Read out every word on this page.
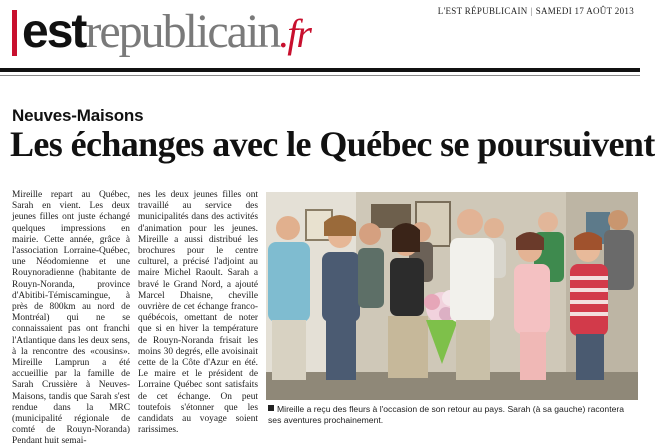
estrepublicain.fr	L'EST RÉPUBLICAIN | SAMEDI 17 AOÛT 2013
Neuves-Maisons
Les échanges avec le Québec se poursuivent
Mireille repart au Québec, Sarah en vient. Les deux jeunes filles ont juste échangé quelques impressions en mairie. Cette année, grâce à l'association Lorraine-Québec, une Néodomienne et une Rouynoradienne (habitante de Rouyn-Noranda, province d'Abitibi-Témiscamingue, à près de 800km au nord de Montréal) qui ne se connaissaient pas ont franchi l'Atlantique dans les deux sens, à la rencontre des «cousins». Mireille Lamprun a été accueillie par la famille de Sarah Crussière à Neuves-Maisons, tandis que Sarah s'est rendue dans la MRC (municipalité régionale de comté de Rouyn-Noranda) Pendant huit semai-
nes les deux jeunes filles ont travaillé au service des municipalités dans des activités d'animation pour les jeunes. Mireille a aussi distribué les brochures pour le centre culturel, a précisé l'adjoint au maire Michel Raoult. Sarah a bravé le Grand Nord, a ajouté Marcel Dhaisne, cheville ouvrière de cet échange franco-québécois, omettant de noter que si en hiver la température de Rouyn-Noranda frisait les moins 30 degrés, elle avoisinait cette de la Côte d'Azur en été. Le maire et le président de Lorraine Québec sont satisfaits de cet échange. On peut toutefois s'étonner que les candidats au voyage soient rarissimes.
Mireille a reçu des fleurs à l'occasion de son retour au pays. Sarah (à sa gauche) racontera ses aventures prochainement.
